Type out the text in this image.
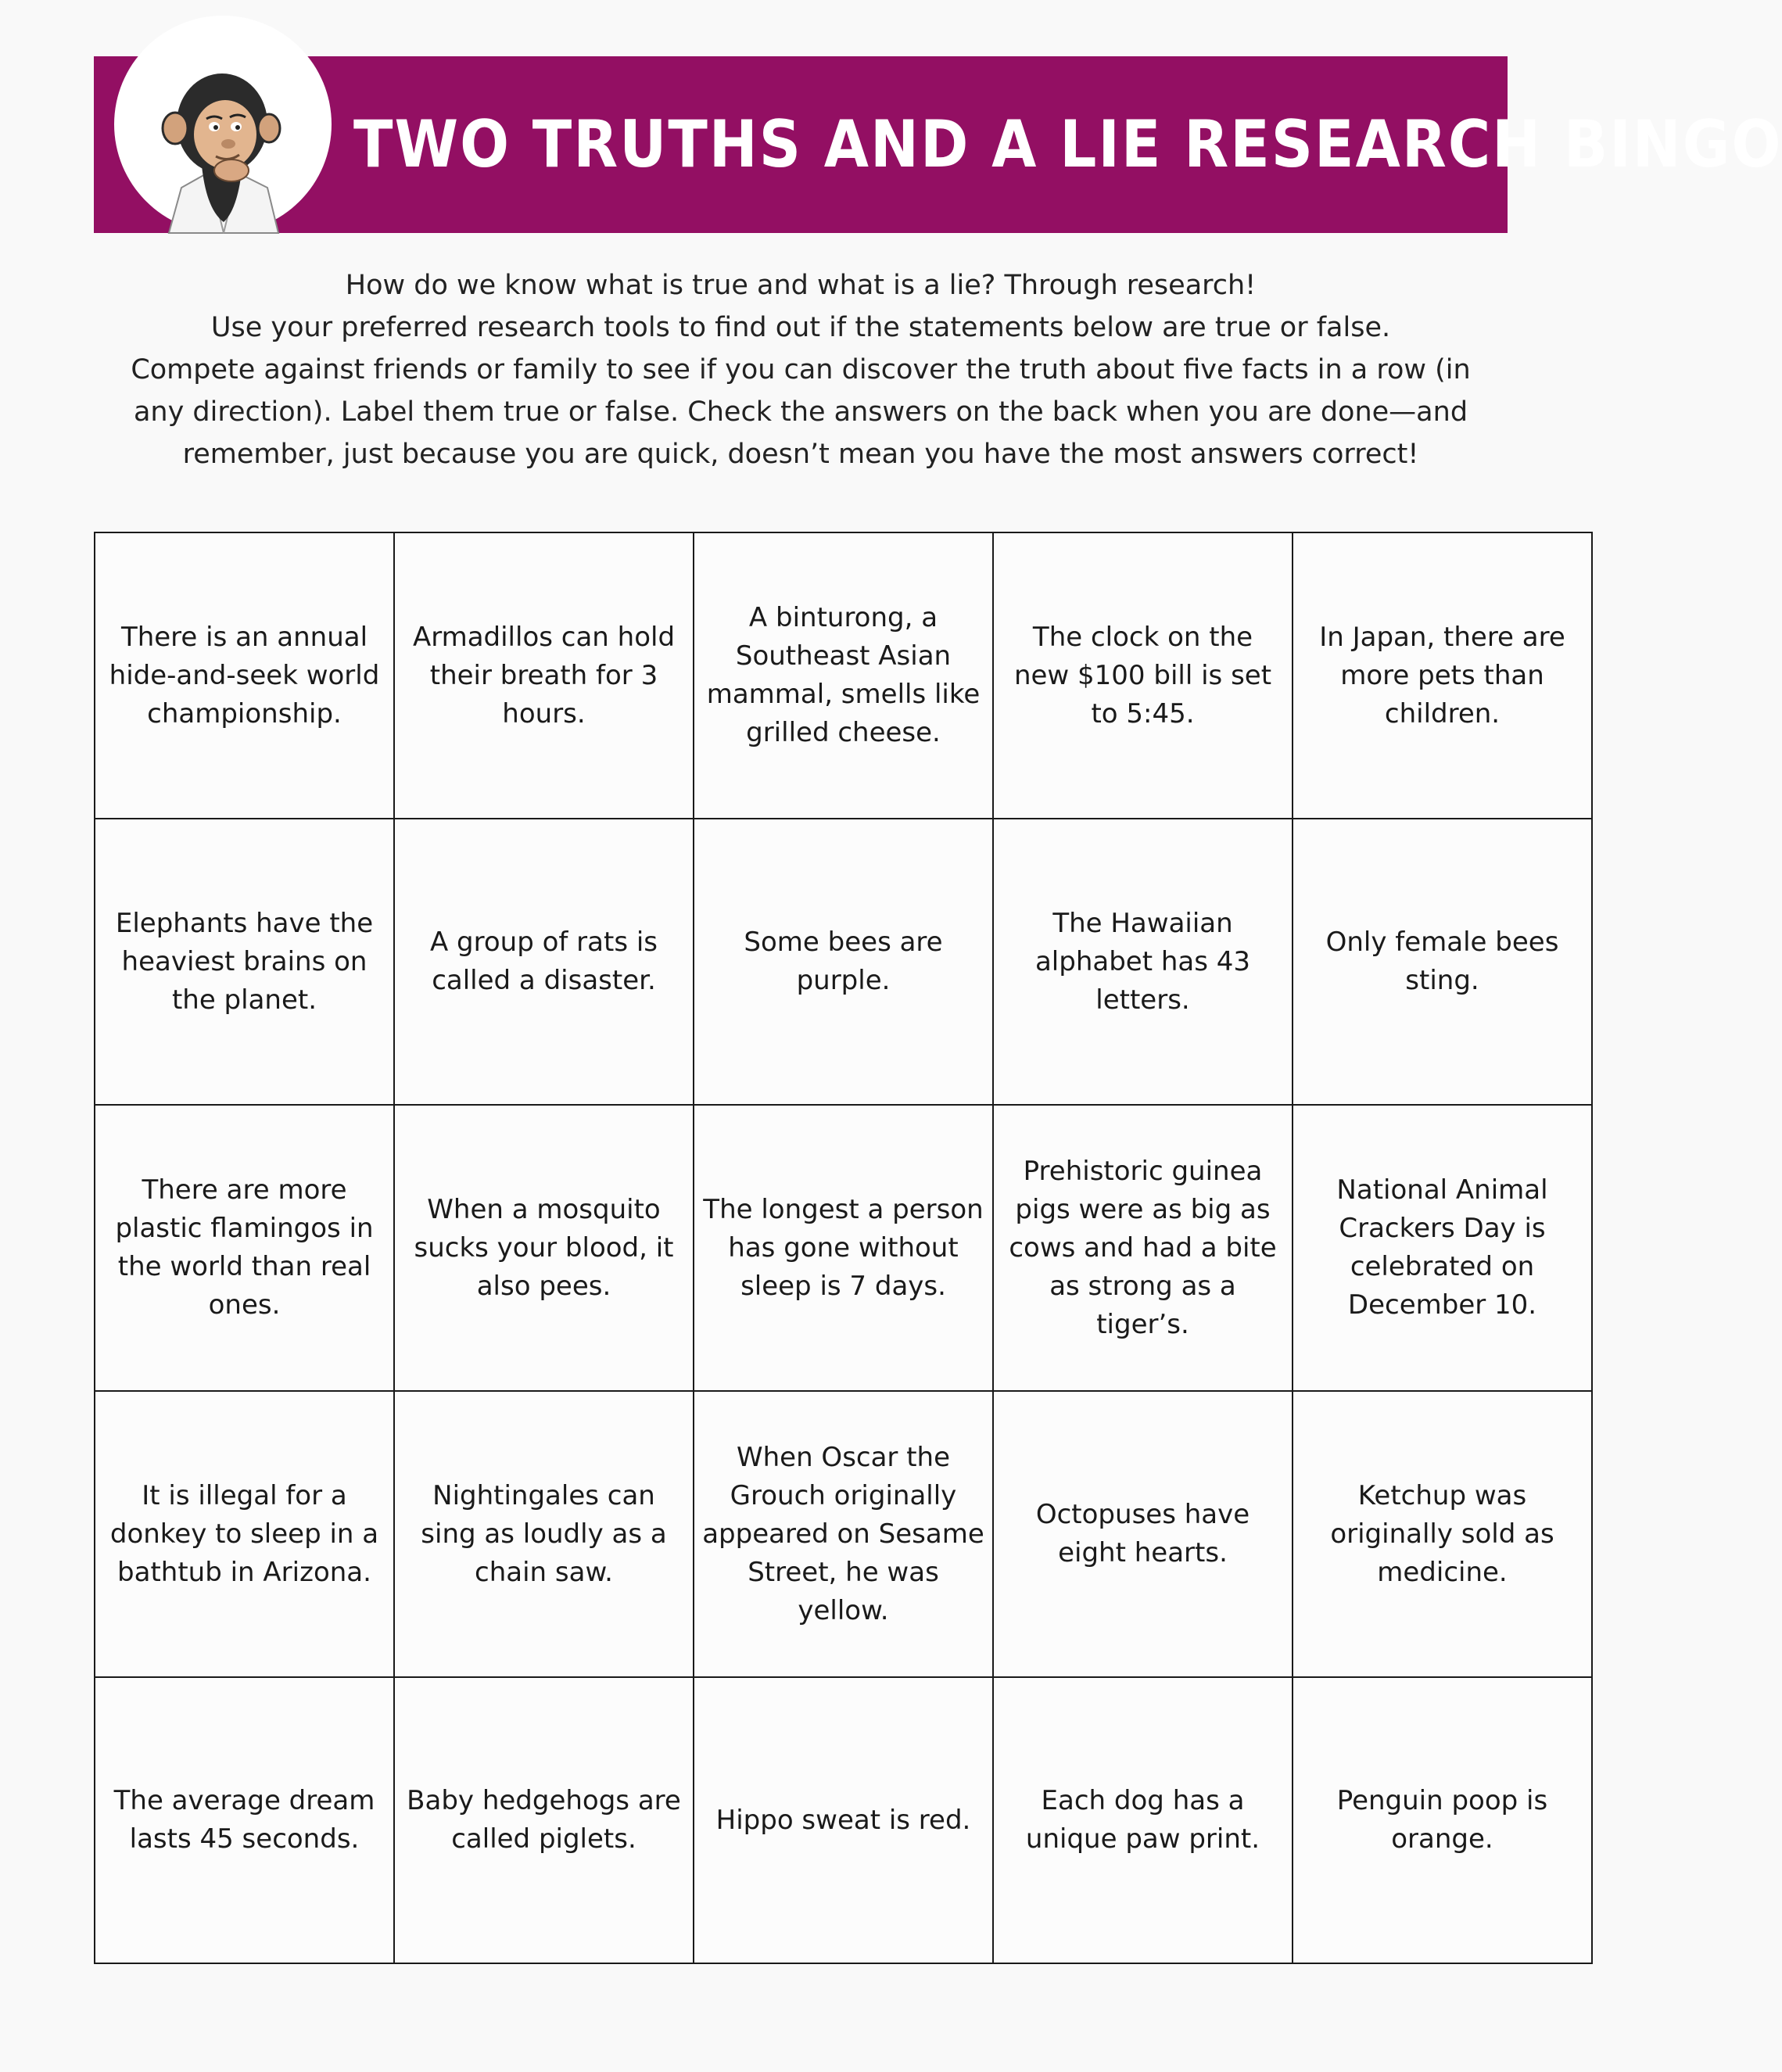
TWO TRUTHS AND A LIE RESEARCH BINGO

How do we know what is true and what is a lie? Through research!

Use your preferred research tools to find out if the statements below are true or false.

Compete against friends or family to see if you can discover the truth about five facts in a row (in any direction). Label them true or false. Check the answers on the back when you are done—and remember, just because you are quick, doesn’t mean you have the most answers correct!

There is an annual hide-and-seek world championship.	Armadillos can hold their breath for 3 hours.	A binturong, a Southeast Asian mammal, smells like grilled cheese.	The clock on the new $100 bill is set to 5:45.	In Japan, there are more pets than children.
Elephants have the heaviest brains on the planet.	A group of rats is called a disaster.	Some bees are purple.	The Hawaiian alphabet has 43 letters.	Only female bees sting.
There are more plastic flamingos in the world than real ones.	When a mosquito sucks your blood, it also pees.	The longest a person has gone without sleep is 7 days.	Prehistoric guinea pigs were as big as cows and had a bite as strong as a tiger’s.	National Animal Crackers Day is celebrated on December 10.
It is illegal for a donkey to sleep in a bathtub in Arizona.	Nightingales can sing as loudly as a chain saw.	When Oscar the Grouch originally appeared on Sesame Street, he was yellow.	Octopuses have eight hearts.	Ketchup was originally sold as medicine.
The average dream lasts 45 seconds.	Baby hedgehogs are called piglets.	Hippo sweat is red.	Each dog has a unique paw print.	Penguin poop is orange.
